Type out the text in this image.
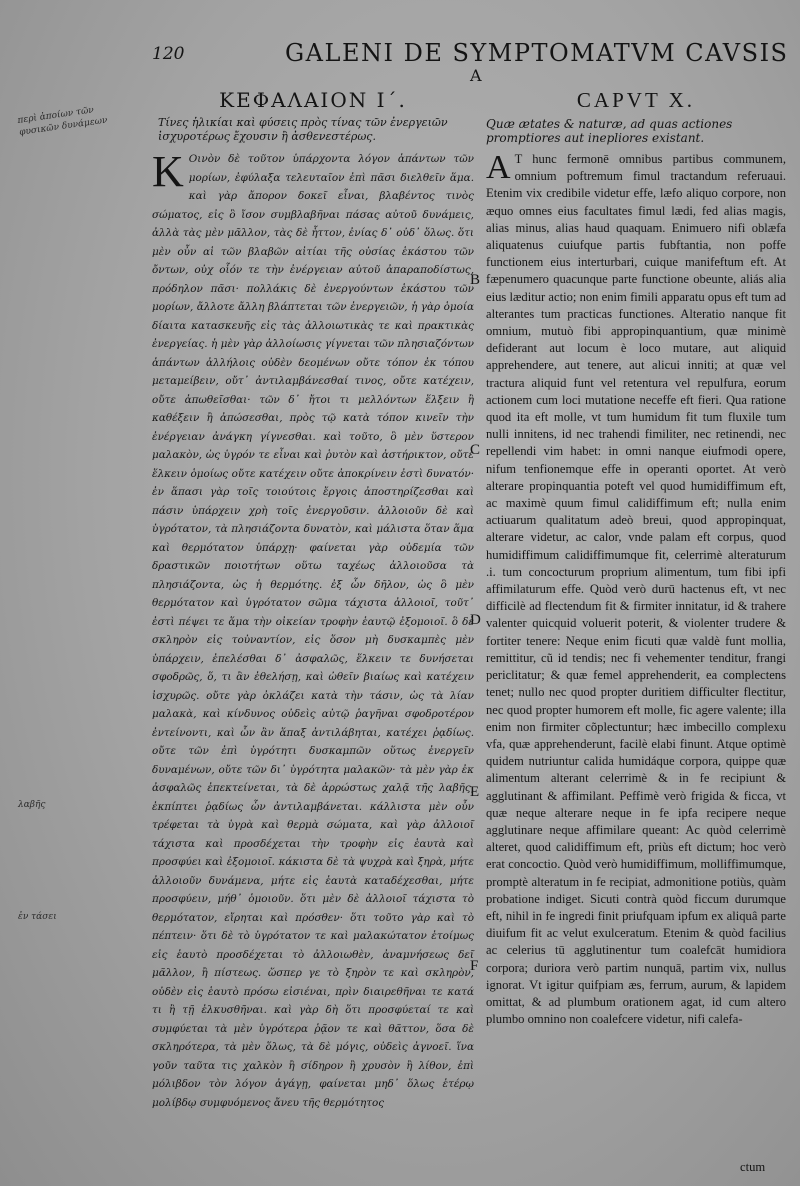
120	GALENI DE SYMPTOMATVM CAVSIS
A
περὶ ἀποίων τῶν φυσικῶν δυνάμεων
λαβῆς
ἐν τάσει
ΚΕΦΑΛΑΙΟΝ Ι΄.
Τίνες ἡλικίαι καὶ φύσεις πρὸς τίνας τῶν ἐνεργειῶν ἰσχυροτέρως ἔχουσιν ἢ ἀσθενεστέρως.
Κ Οινὸν δὲ τοῦτον ὑπάρχοντα λόγον ἁπάντων τῶν μορίων, ἐφύλαξα τελευταῖον ἐπὶ πᾶσι διελθεῖν ἅμα. καὶ γὰρ ἄπορον δοκεῖ εἶναι, βλαβέντος τινὸς σώματος, εἰς ὃ ἴσον συμβλαβῆναι πάσας αὐτοῦ δυνάμεις, ἀλλὰ τὰς μὲν μᾶλλον, τὰς δὲ ἧττον, ἐνίας δ᾽ οὐδ᾽ ὅλως. ὅτι μὲν οὖν αἱ τῶν βλαβῶν αἰτίαι τῆς οὐσίας ἑκάστου τῶν ὄντων, οὐχ οἷόν τε τὴν ἐνέργειαν αὐτοῦ ἀπαραποδίστως, πρόδηλον πᾶσι· πολλάκις δὲ ἐνεργούντων ἑκάστου τῶν μορίων, ἄλλοτε ἄλλη βλάπτεται τῶν ἐνεργειῶν, ἡ γὰρ ὁμοία δίαιτα κατασκευῆς εἰς τὰς ἀλλοιωτικὰς τε καὶ πρακτικὰς ἐνεργείας. ἡ μὲν γὰρ ἀλλοίωσις γίγνεται τῶν πλησιαζόντων ἁπάντων ἀλλήλοις οὐδὲν δεομένων οὔτε τόπον ἐκ τόπου μεταμείβειν, οὔτ᾽ ἀντιλαμβάνεσθαί τινος, οὔτε κατέχειν, οὔτε ἀπωθεῖσθαι· τῶν δ᾽ ἤτοι τι μελλόντων ἕλξειν ἢ καθέξειν ἢ ἀπώσεσθαι, πρὸς τῷ κατὰ τόπον κινεῖν τὴν ἐνέργειαν ἀνάγκη γίγνεσθαι. καὶ τοῦτο, ὃ μὲν ὕστερον μαλακὸν, ὡς ὑγρόν τε εἶναι καὶ ῥυτὸν καὶ ἀστήρικτον, οὔτε ἕλκειν ὁμοίως οὔτε κατέχειν οὔτε ἀποκρίνειν ἐστὶ δυνατόν· ἐν ἅπασι γὰρ τοῖς τοιούτοις ἔργοις ἀποστηρίζεσθαι καὶ πάσιν ὑπάρχειν χρὴ τοῖς ἐνεργοῦσιν. ἀλλοιοῦν δὲ καὶ ὑγρότατον, τὰ πλησιάζοντα δυνατὸν, καὶ μάλιστα ὅταν ἅμα καὶ θερμότατον ὑπάρχῃ· φαίνεται γὰρ οὐδεμία τῶν δραστικῶν ποιοτήτων οὕτω ταχέως ἀλλοιοῦσα τὰ πλησιάζοντα, ὡς ἡ θερμότης. ἐξ ὧν δῆλον, ὡς ὃ μὲν θερμότατον καὶ ὑγρότατον σῶμα τάχιστα ἀλλοιοῖ, τοῦτ᾽ ἐστὶ πέψει τε ἅμα τὴν οἰκείαν τροφὴν ἑαυτῷ ἐξομοιοῖ. ὃ δὲ σκληρὸν εἰς τοὐναντίον, εἰς ὅσον μὴ δυσκαμπὲς μὲν ὑπάρχειν, ἐπελέσθαι δ᾽ ἀσφαλῶς, ἕλκειν τε δυνήσεται σφοδρῶς, ὅ, τι ἂν ἐθελήσῃ, καὶ ὠθεῖν βιαίως καὶ κατέχειν ἰσχυρῶς. οὔτε γὰρ ὀκλάζει κατὰ τὴν τάσιν, ὡς τὰ λίαν μαλακὰ, καὶ κίνδυνος οὐδεὶς αὐτῷ ῥαγῆναι σφοδροτέρον ἐντείνοντι, καὶ ὧν ἂν ἅπαξ ἀντιλάβηται, κατέχει ῥᾳδίως. οὔτε τῶν ἐπὶ ὑγρότητι δυσκαμπῶν οὕτως ἐνεργεῖν δυναμένων, οὔτε τῶν δι᾽ ὑγρότητα μαλακῶν· τὰ μὲν γὰρ ἐκ ἀσφαλῶς ἐπεκτείνεται, τὰ δὲ ἀρρώστως χαλᾷ τῆς λαβῆς, ἐκπίπτει ῥᾳδίως ὧν ἀντιλαμβάνεται. κάλλιστα μὲν οὖν τρέφεται τὰ ὑγρὰ καὶ θερμὰ σώματα, καὶ γὰρ ἀλλοιοῖ τάχιστα καὶ προσδέχεται τὴν τροφὴν εἰς ἑαυτὰ καὶ προσφύει καὶ ἐξομοιοῖ. κάκιστα δὲ τὰ ψυχρὰ καὶ ξηρὰ, μήτε ἀλλοιοῦν δυνάμενα, μήτε εἰς ἑαυτὰ καταδέχεσθαι, μήτε προσφύειν, μήθ᾽ ὁμοιοῦν. ὅτι μὲν δὲ ἀλλοιοῖ τάχιστα τὸ θερμότατον, εἴρηται καὶ πρόσθεν· ὅτι τοῦτο γὰρ καὶ τὸ πέπτειν· ὅτι δὲ τὸ ὑγρότατον τε καὶ μαλακώτατον ἑτοίμως εἰς ἑαυτὸ προσδέχεται τὸ ἀλλοιωθὲν, ἀναμνήσεως δεῖ μᾶλλον, ἢ πίστεως. ὥσπερ γε τὸ ξηρὸν τε καὶ σκληρὸν, οὐδὲν εἰς ἑαυτὸ πρόσω εἰσιέναι, πρὶν διαιρεθῆναι τε κατά τι ἢ τῇ ἑλκυσθῆναι. καὶ γὰρ δὴ ὅτι προσφύεταί τε καὶ συμφύεται τὰ μὲν ὑγρότερα ῥᾷον τε καὶ θᾶττον, ὅσα δὲ σκληρότερα, τὰ μὲν ὅλως, τὰ δὲ μόγις, οὐδεὶς ἀγνοεῖ. ἵνα γοῦν ταῦτα τις χαλκὸν ἢ σίδηρον ἢ χρυσὸν ἢ λίθον, ἐπὶ μόλιβδον τὸν λόγον ἀγάγῃ, φαίνεται μηδ᾽ ὅλως ἑτέρῳ μολίβδῳ συμφυόμενος ἄνευ τῆς θερμότητος
B
C
D
E
F
CAPVT X.
Quæ ætates & naturæ, ad quas actiones promptiores aut inepliores existant.
A T hunc fermonē omnibus partibus communem, omnium poftremum fimul tractandum referuaui. Etenim vix credibile videtur effe, læfo aliquo corpore, non æquo omnes eius facultates fimul lædi, fed alias magis, alias minus, alias haud quaquam. Enimuero nifi oblæfa aliquatenus cuiufque partis fubftantia, non poffe functionem eius interturbari, cuique manifeftum eft. At fæpenumero quacunque parte functione obeunte, aliás alia eius læditur actio; non enim fimili apparatu opus eft tum ad alterantes tum practicas functiones. Alteratio nanque fit omnium, mutuò fibi appropinquantium, quæ minimè defiderant aut locum è loco mutare, aut aliquid apprehendere, aut tenere, aut alicui inniti; at quæ vel tractura aliquid funt vel retentura vel repulfura, eorum actionem cum loci mutatione neceffe eft fieri. Qua ratione quod ita eft molle, vt tum humidum fit tum fluxile tum nulli innitens, id nec trahendi fimiliter, nec retinendi, nec repellendi vim habet: in omni nanque eiufmodi opere, nifum tenfionemque effe in operanti oportet. At verò alterare propinquantia poteft vel quod humidiffimum eft, ac maximè quum fimul calidiffimum eft; nulla enim actiuarum qualitatum adeò breui, quod appropinquat, alterare videtur, ac calor, vnde palam eft corpus, quod humidiffimum calidiffimumque fit, celerrimè alteraturum .i. tum concocturum proprium alimentum, tum fibi ipfi affimilaturum effe. Quòd verò durū hactenus eft, vt nec difficilè ad flectendum fit & firmiter innitatur, id & trahere valenter quicquid voluerit poterit, & violenter trudere & fortiter tenere: Neque enim ficuti quæ valdè funt mollia, remittitur, cũ id tendis; nec fi vehementer tenditur, frangi periclitatur; & quæ femel apprehenderit, ea complectens tenet; nullo nec quod propter duritiem difficulter flectitur, nec quod propter humorem eft molle, fic agere valente; illa enim non firmiter cõplectuntur; hæc imbecillo complexu vfa, quæ apprehenderunt, facilè elabi finunt. Atque optimè quidem nutriuntur calida humidáque corpora, quippe quæ alimentum alterant celerrimè & in fe recipiunt & agglutinant & affimilant. Peffimè verò frigida & ficca, vt quæ neque alterare neque in fe ipfa recipere neque agglutinare neque affimilare queant: Ac quòd celerrimè alteret, quod calidiffimum eft, priùs eft dictum; hoc verò erat concoctio. Quòd verò humidiffimum, molliffimumque, promptè alteratum in fe recipiat, admonitione potiùs, quàm probatione indiget. Sicuti contrà quòd ficcum durumque eft, nihil in fe ingredi finit priufquam ipfum ex aliquâ parte diuifum fit ac velut exulceratum. Etenim & quòd facilius ac celerius tū agglutinentur tum coalefcāt humidiora corpora; duriora verò partim nunquā, partim vix, nullus ignorat. Vt igitur quifpiam æs, ferrum, aurum, & lapidem omittat, & ad plumbum orationem agat, id cum altero plumbo omnino non coalefcere videtur, nifi calefa-
ctum
